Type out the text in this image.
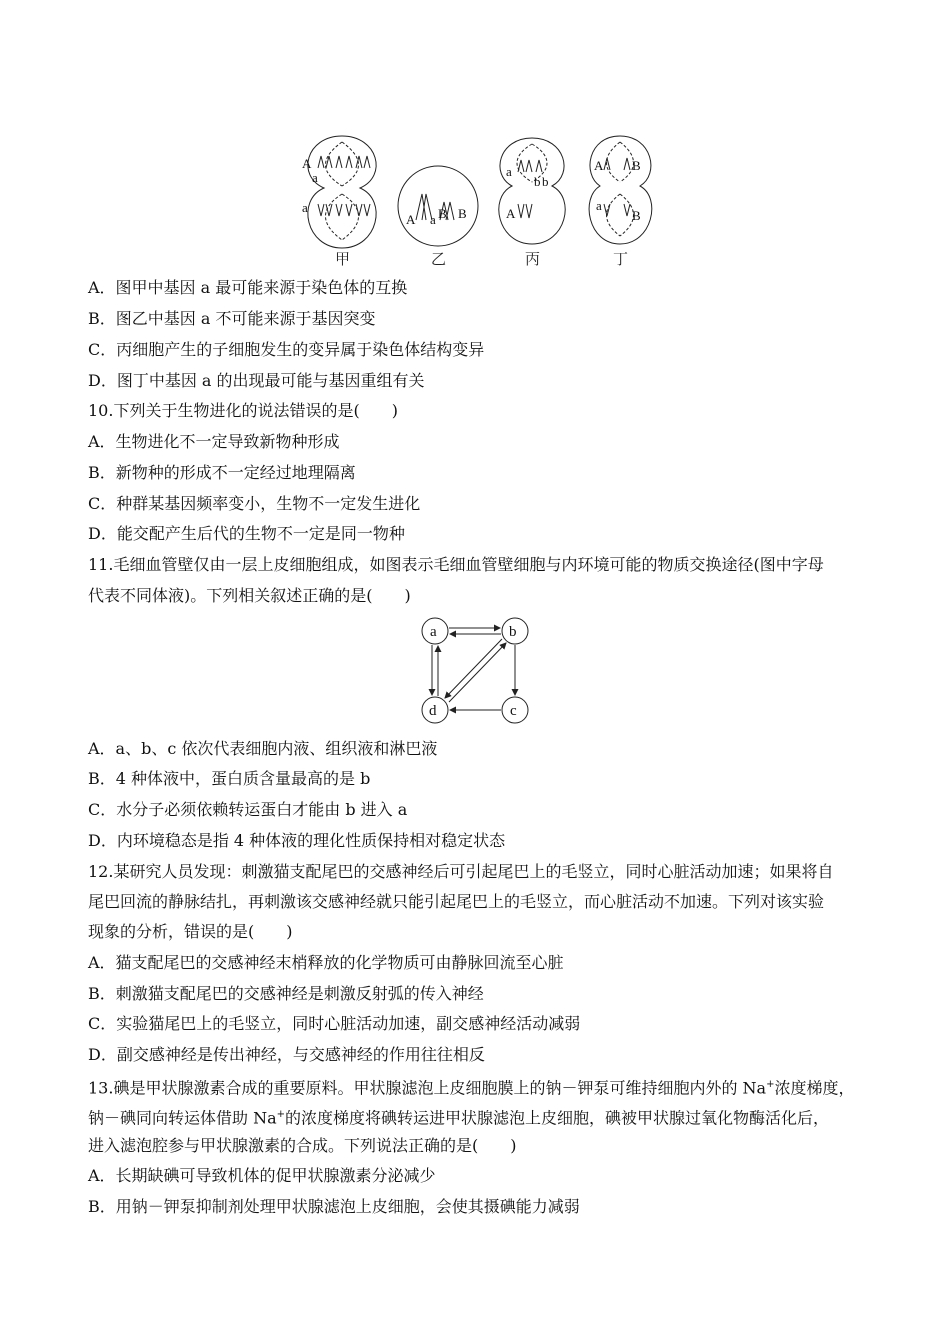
A
a
a
A a B B
a
b b
A
A B
a
B
甲	乙	丙	丁
A．图甲中基因 a 最可能来源于染色体的互换
B．图乙中基因 a 不可能来源于基因突变
C．丙细胞产生的子细胞发生的变异属于染色体结构变异
D．图丁中基因 a 的出现最可能与基因重组有关
10.下列关于生物进化的说法错误的是(　　)
A．生物进化不一定导致新物种形成
B．新物种的形成不一定经过地理隔离
C．种群某基因频率变小，生物不一定发生进化
D．能交配产生后代的生物不一定是同一物种
11.毛细血管壁仅由一层上皮细胞组成，如图表示毛细血管壁细胞与内环境可能的物质交换途径(图中字母
代表不同体液)。下列相关叙述正确的是(　　)
a	b
c
d
A．a、b、c 依次代表细胞内液、组织液和淋巴液
B．4 种体液中，蛋白质含量最高的是 b
C．水分子必须依赖转运蛋白才能由 b 进入 a
D．内环境稳态是指 4 种体液的理化性质保持相对稳定状态
12.某研究人员发现：刺激猫支配尾巴的交感神经后可引起尾巴上的毛竖立，同时心脏活动加速；如果将自
尾巴回流的静脉结扎，再刺激该交感神经就只能引起尾巴上的毛竖立，而心脏活动不加速。下列对该实验
现象的分析，错误的是(　　)
A．猫支配尾巴的交感神经末梢释放的化学物质可由静脉回流至心脏
B．刺激猫支配尾巴的交感神经是刺激反射弧的传入神经
C．实验猫尾巴上的毛竖立，同时心脏活动加速，副交感神经活动减弱
D．副交感神经是传出神经，与交感神经的作用往往相反
13.碘是甲状腺激素合成的重要原料。甲状腺滤泡上皮细胞膜上的钠－钾泵可维持细胞内外的 Na+浓度梯度，
钠－碘同向转运体借助 Na+的浓度梯度将碘转运进甲状腺滤泡上皮细胞，碘被甲状腺过氧化物酶活化后，
进入滤泡腔参与甲状腺激素的合成。下列说法正确的是(　　)
A．长期缺碘可导致机体的促甲状腺激素分泌减少
B．用钠－钾泵抑制剂处理甲状腺滤泡上皮细胞，会使其摄碘能力减弱
